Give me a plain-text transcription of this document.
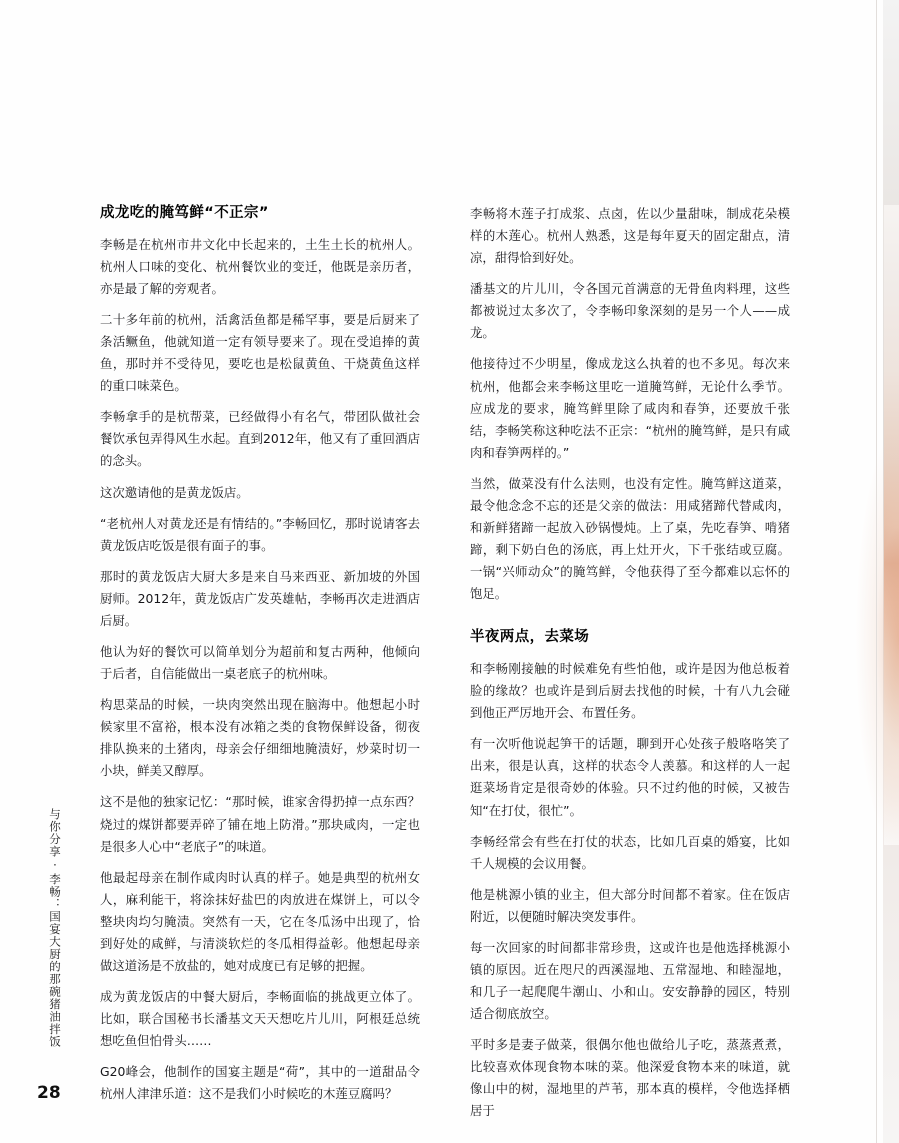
与你分享·李畅：国宴大厨的那碗猪油拌饭
28
成龙吃的腌笃鲜“不正宗”

李畅是在杭州市井文化中长起来的，土生土长的杭州人。杭州人口味的变化、杭州餐饮业的变迁，他既是亲历者，亦是最了解的旁观者。

二十多年前的杭州，活禽活鱼都是稀罕事，要是后厨来了条活鳜鱼，他就知道一定有领导要来了。现在受追捧的黄鱼，那时并不受待见，要吃也是松鼠黄鱼、干烧黄鱼这样的重口味菜色。

李畅拿手的是杭帮菜，已经做得小有名气，带团队做社会餐饮承包弄得风生水起。直到2012年，他又有了重回酒店的念头。

这次邀请他的是黄龙饭店。

“老杭州人对黄龙还是有情结的。”李畅回忆，那时说请客去黄龙饭店吃饭是很有面子的事。

那时的黄龙饭店大厨大多是来自马来西亚、新加坡的外国厨师。2012年，黄龙饭店广发英雄帖，李畅再次走进酒店后厨。

他认为好的餐饮可以简单划分为超前和复古两种，他倾向于后者，自信能做出一桌老底子的杭州味。

构思菜品的时候，一块肉突然出现在脑海中。他想起小时候家里不富裕，根本没有冰箱之类的食物保鲜设备，彻夜排队换来的土猪肉，母亲会仔细细地腌渍好，炒菜时切一小块，鲜美又醇厚。

这不是他的独家记忆：“那时候，谁家舍得扔掉一点东西？烧过的煤饼都要弄碎了铺在地上防滑。”那块咸肉，一定也是很多人心中“老底子”的味道。

他最起母亲在制作咸肉时认真的样子。她是典型的杭州女人，麻利能干，将涂抹好盐巴的肉放进在煤饼上，可以令整块肉均匀腌渍。突然有一天，它在冬瓜汤中出现了，恰到好处的咸鲜，与清淡软烂的冬瓜相得益彰。他想起母亲做这道汤是不放盐的，她对成度已有足够的把握。

成为黄龙饭店的中餐大厨后，李畅面临的挑战更立体了。比如，联合国秘书长潘基文天天想吃片儿川，阿根廷总统想吃鱼但怕骨头……

G20峰会，他制作的国宴主题是“荷”，其中的一道甜品令杭州人津津乐道：这不是我们小时候吃的木莲豆腐吗？

李畅将木莲子打成浆、点卤，佐以少量甜味，制成花朵模样的木莲心。杭州人熟悉，这是每年夏天的固定甜点，清凉，甜得恰到好处。

潘基文的片儿川，令各国元首满意的无骨鱼肉料理，这些都被说过太多次了，令李畅印象深刻的是另一个人——成龙。

他接待过不少明星，像成龙这么执着的也不多见。每次来杭州，他都会来李畅这里吃一道腌笃鲜，无论什么季节。应成龙的要求，腌笃鲜里除了咸肉和春笋，还要放千张结，李畅笑称这种吃法不正宗：“杭州的腌笃鲜，是只有咸肉和春笋两样的。”

当然，做菜没有什么法则，也没有定性。腌笃鲜这道菜，最令他念念不忘的还是父亲的做法：用咸猪蹄代替咸肉，和新鲜猪蹄一起放入砂锅慢炖。上了桌，先吃春笋、啃猪蹄，剩下奶白色的汤底，再上灶开火，下千张结或豆腐。一锅“兴师动众”的腌笃鲜，令他获得了至今都难以忘怀的饱足。

半夜两点，去菜场

和李畅刚接触的时候难免有些怕他，或许是因为他总板着脸的缘故？也或许是到后厨去找他的时候，十有八九会碰到他正严厉地开会、布置任务。

有一次听他说起笋干的话题，聊到开心处孩子般咯咯笑了出来，很是认真，这样的状态令人羡慕。和这样的人一起逛菜场肯定是很奇妙的体验。只不过约他的时候，又被告知“在打仗，很忙”。

李畅经常会有些在打仗的状态，比如几百桌的婚宴，比如千人规模的会议用餐。

他是桃源小镇的业主，但大部分时间都不着家。住在饭店附近，以便随时解决突发事件。

每一次回家的时间都非常珍贵，这或许也是他选择桃源小镇的原因。近在咫尺的西溪湿地、五常湿地、和睦湿地，和几子一起爬爬牛潮山、小和山。安安静静的园区，特别适合彻底放空。

平时多是妻子做菜，很偶尔他也做给儿子吃，蒸蒸煮煮，比较喜欢体现食物本味的菜。他深爱食物本来的味道，就像山中的树，湿地里的芦苇，那本真的模样，令他选择栖居于
